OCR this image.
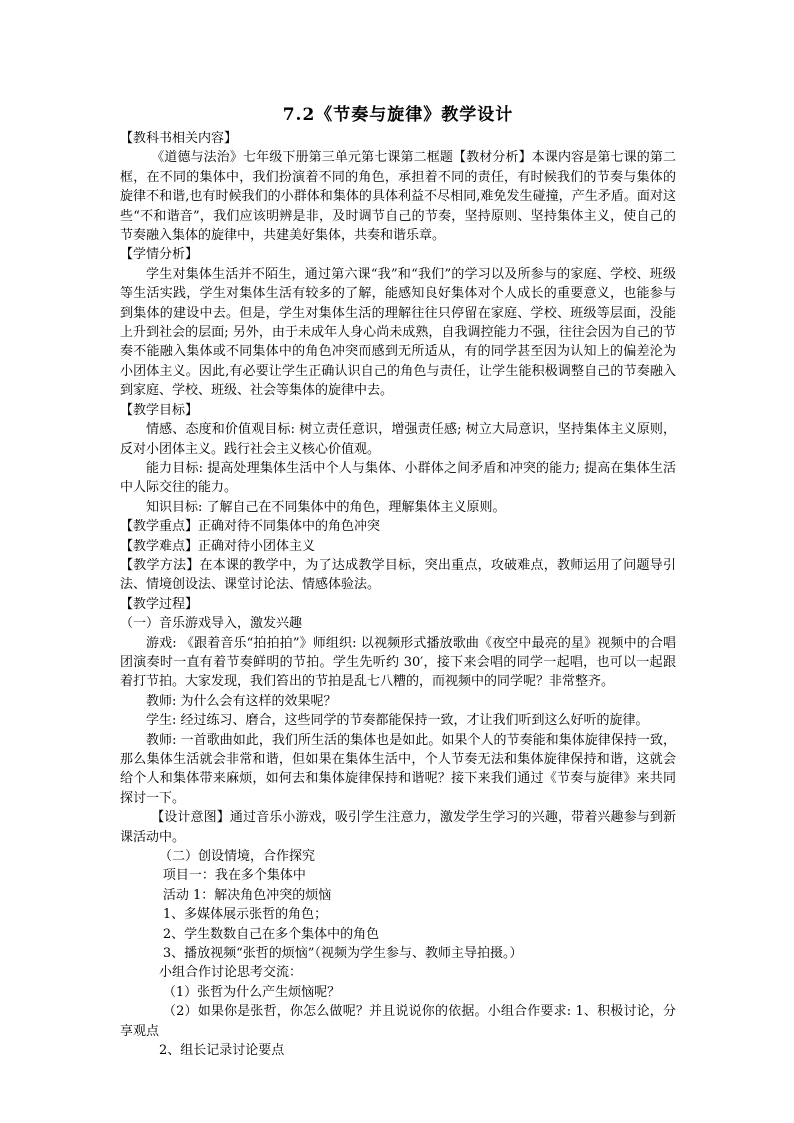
7.2《节奏与旋律》教学设计

【教科书相关内容】

《道德与法治》七年级下册第三单元第七课第二框题【教材分析】本课内容是第七课的第二框，在不同的集体中，我们扮演着不同的角色，承担着不同的责任，有时候我们的节奏与集体的旋律不和谐,也有时候我们的小群体和集体的具体利益不尽相同,难免发生碰撞，产生矛盾。面对这些“不和谐音”，我们应该明辨是非，及时调节自己的节奏，坚持原则、坚持集体主义，使自己的节奏融入集体的旋律中，共建美好集体，共奏和谐乐章。

【学情分析】

学生对集体生活并不陌生，通过第六课“我”和“我们”的学习以及所参与的家庭、学校、班级等生活实践，学生对集体生活有较多的了解，能感知良好集体对个人成长的重要意义，也能参与到集体的建设中去。但是，学生对集体生活的理解往往只停留在家庭、学校、班级等层面，没能上升到社会的层面; 另外，由于未成年人身心尚未成熟，自我调控能力不强，往往会因为自己的节奏不能融入集体或不同集体中的角色冲突而感到无所适从，有的同学甚至因为认知上的偏差沦为小团体主义。因此,有必要让学生正确认识自己的角色与责任，让学生能积极调整自己的节奏融入到家庭、学校、班级、社会等集体的旋律中去。

【教学目标】

情感、态度和价值观目标: 树立责任意识，增强责任感; 树立大局意识，坚持集体主义原则，反对小团体主义。践行社会主义核心价值观。

能力目标: 提高处理集体生活中个人与集体、小群体之间矛盾和冲突的能力; 提高在集体生活中人际交往的能力。

知识目标: 了解自己在不同集体中的角色，理解集体主义原则。

【教学重点】正确对待不同集体中的角色冲突

【教学难点】正确对待小团体主义

【教学方法】在本课的教学中，为了达成教学目标，突出重点，攻破难点，教师运用了问题导引法、情境创设法、课堂讨论法、情感体验法。

【教学过程】

（一）音乐游戏导入，激发兴趣

游戏: 《跟着音乐“拍拍拍”》师组织: 以视频形式播放歌曲《夜空中最亮的星》视频中的合唱团演奏时一直有着节奏鲜明的节拍。学生先听约 30′，接下来会唱的同学一起唱，也可以一起跟着打节拍。大家发现，我们笞出的节拍是乱七八糟的，而视频中的同学呢？非常整齐。

教师: 为什么会有这样的效果呢？

学生: 经过练习、磨合，这些同学的节奏都能保持一致，才让我们听到这么好听的旋律。

教师: 一首歌曲如此，我们所生活的集体也是如此。如果个人的节奏能和集体旋律保持一致，那么集体生活就会非常和谐，但如果在集体生活中，个人节奏无法和集体旋律保持和谐，这就会给个人和集体带来麻烦，如何去和集体旋律保持和谐呢？接下来我们通过《节奏与旋律》来共同探讨一下。

【设计意图】通过音乐小游戏，吸引学生注意力，激发学生学习的兴趣，带着兴趣参与到新课活动中。

（二）创设情境，合作探究

项目一：我在多个集体中

活动 1：解决角色冲突的烦恼

1、多媒体展示张哲的角色；

2、学生数数自己在多个集体中的角色

3、播放视频“张哲的烦恼”（视频为学生参与、教师主导拍摄。）

小组合作讨论思考交流：

（1）张哲为什么产生烦恼呢？

（2）如果你是张哲，你怎么做呢？并且说说你的依据。小组合作要求: 1、积极讨论，分享观点

2、组长记录讨论要点
